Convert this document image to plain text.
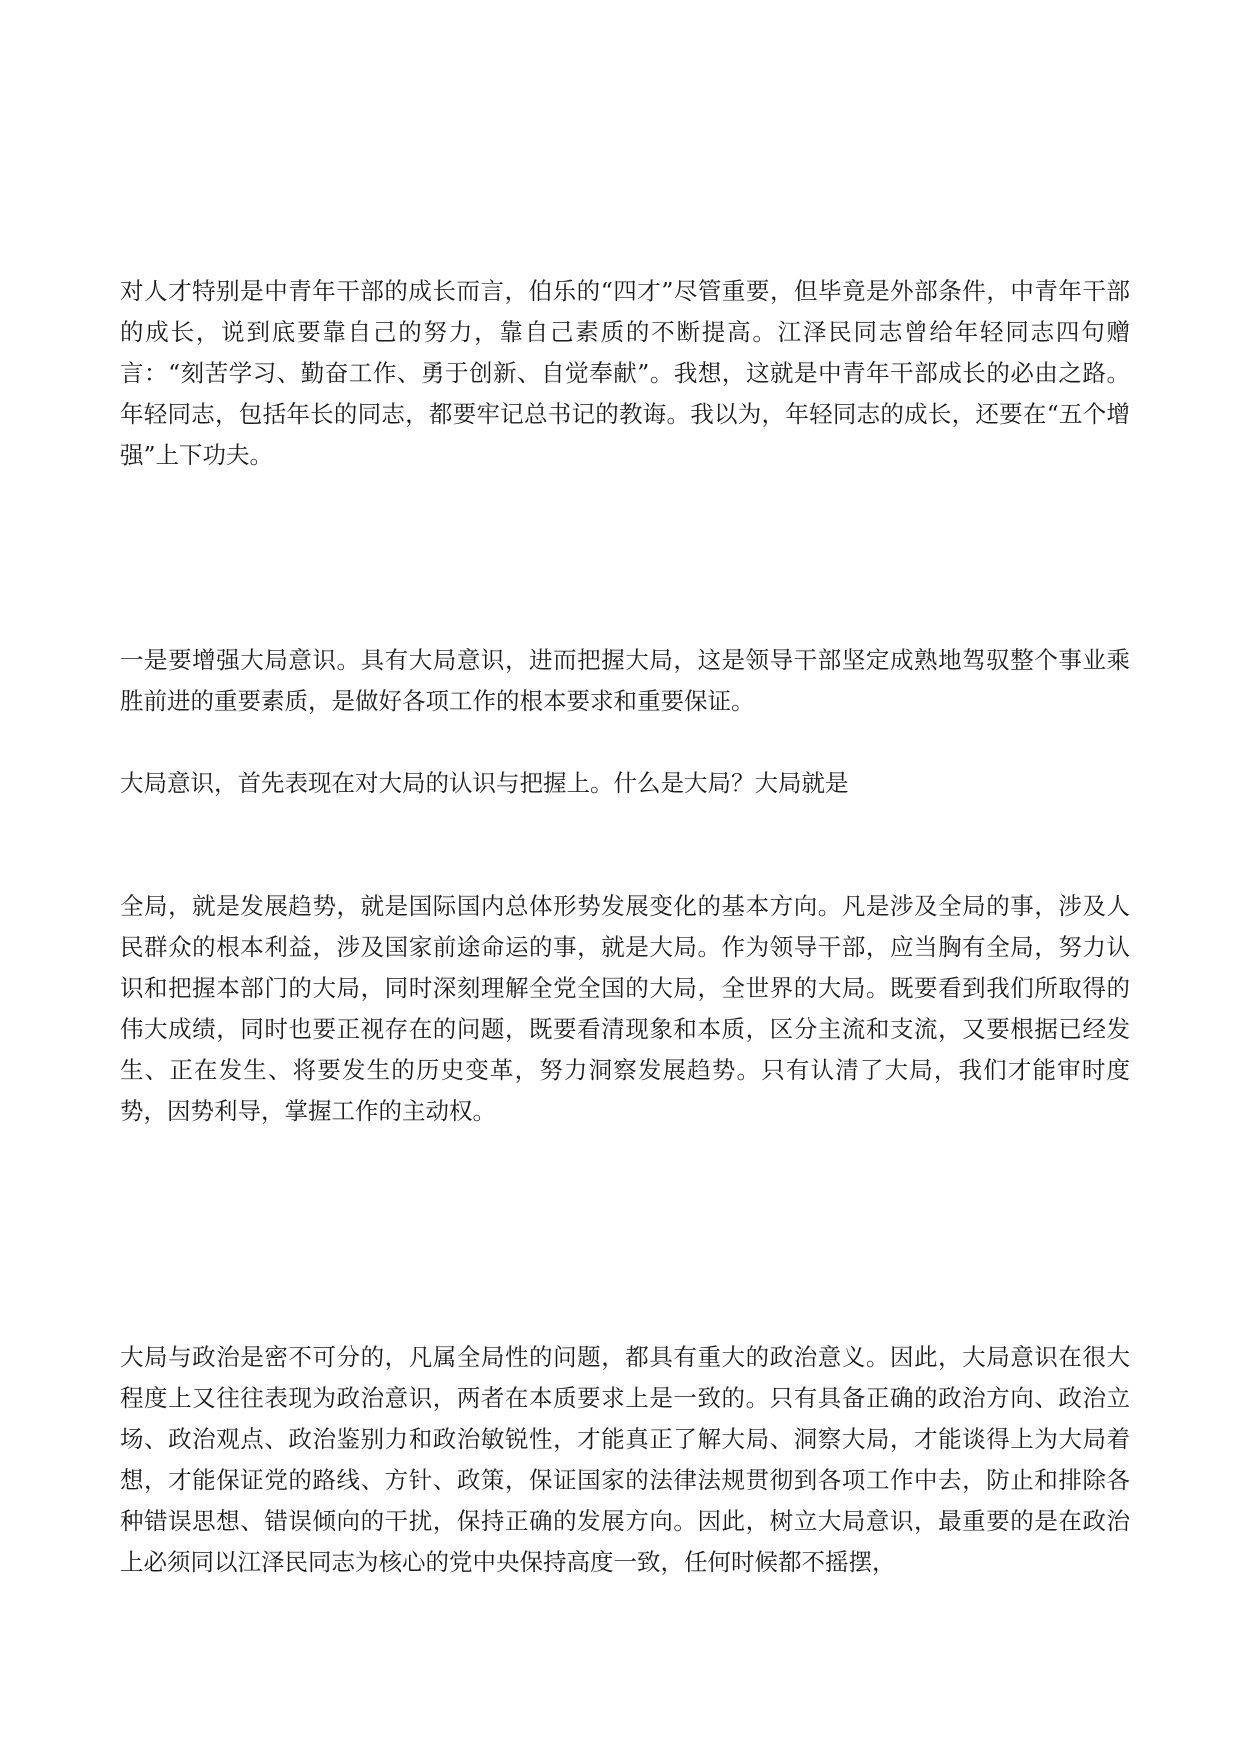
对人才特别是中青年干部的成长而言，伯乐的“四才”尽管重要，但毕竟是外部条件，中青年干部的成长，说到底要靠自己的努力，靠自己素质的不断提高。江泽民同志曾给年轻同志四句赠言：“刻苦学习、勤奋工作、勇于创新、自觉奉献”。我想，这就是中青年干部成长的必由之路。年轻同志，包括年长的同志，都要牢记总书记的教诲。我以为，年轻同志的成长，还要在“五个增强”上下功夫。

一是要增强大局意识。具有大局意识，进而把握大局，这是领导干部坚定成熟地驾驭整个事业乘胜前进的重要素质，是做好各项工作的根本要求和重要保证。

大局意识，首先表现在对大局的认识与把握上。什么是大局？大局就是

全局，就是发展趋势，就是国际国内总体形势发展变化的基本方向。凡是涉及全局的事，涉及人民群众的根本利益，涉及国家前途命运的事，就是大局。作为领导干部，应当胸有全局，努力认识和把握本部门的大局，同时深刻理解全党全国的大局，全世界的大局。既要看到我们所取得的伟大成绩，同时也要正视存在的问题，既要看清现象和本质，区分主流和支流，又要根据已经发生、正在发生、将要发生的历史变革，努力洞察发展趋势。只有认清了大局，我们才能审时度势，因势利导，掌握工作的主动权。

大局与政治是密不可分的，凡属全局性的问题，都具有重大的政治意义。因此，大局意识在很大程度上又往往表现为政治意识，两者在本质要求上是一致的。只有具备正确的政治方向、政治立场、政治观点、政治鉴别力和政治敏锐性，才能真正了解大局、洞察大局，才能谈得上为大局着想，才能保证党的路线、方针、政策，保证国家的法律法规贯彻到各项工作中去，防止和排除各种错误思想、错误倾向的干扰，保持正确的发展方向。因此，树立大局意识，最重要的是在政治上必须同以江泽民同志为核心的党中央保持高度一致，任何时候都不摇摆，
